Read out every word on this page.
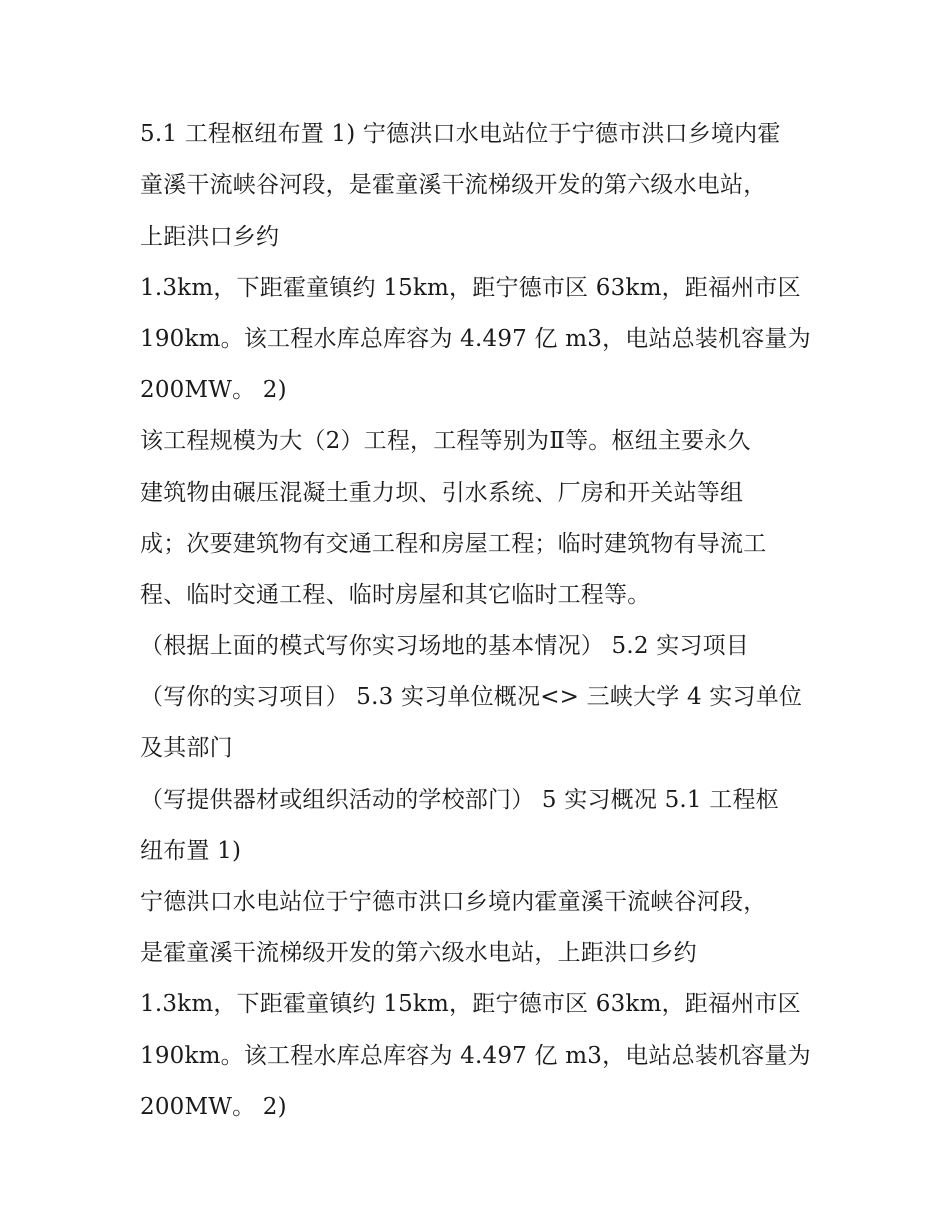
5.1 工程枢纽布置 1) 宁德洪口水电站位于宁德市洪口乡境内霍
童溪干流峡谷河段，是霍童溪干流梯级开发的第六级水电站，
上距洪口乡约
1.3km，下距霍童镇约 15km，距宁德市区 63km，距福州市区
190km。该工程水库总库容为 4.497 亿 m3，电站总装机容量为
200MW。 2)
该工程规模为大（2）工程，工程等别为Ⅱ等。枢纽主要永久
建筑物由碾压混凝土重力坝、引水系统、厂房和开关站等组
成；次要建筑物有交通工程和房屋工程；临时建筑物有导流工
程、临时交通工程、临时房屋和其它临时工程等。
（根据上面的模式写你实习场地的基本情况） 5.2 实习项目
（写你的实习项目） 5.3 实习单位概况<> 三峡大学 4 实习单位
及其部门
（写提供器材或组织活动的学校部门） 5 实习概况 5.1 工程枢
纽布置 1)
宁德洪口水电站位于宁德市洪口乡境内霍童溪干流峡谷河段，
是霍童溪干流梯级开发的第六级水电站，上距洪口乡约
1.3km，下距霍童镇约 15km，距宁德市区 63km，距福州市区
190km。该工程水库总库容为 4.497 亿 m3，电站总装机容量为
200MW。 2)
